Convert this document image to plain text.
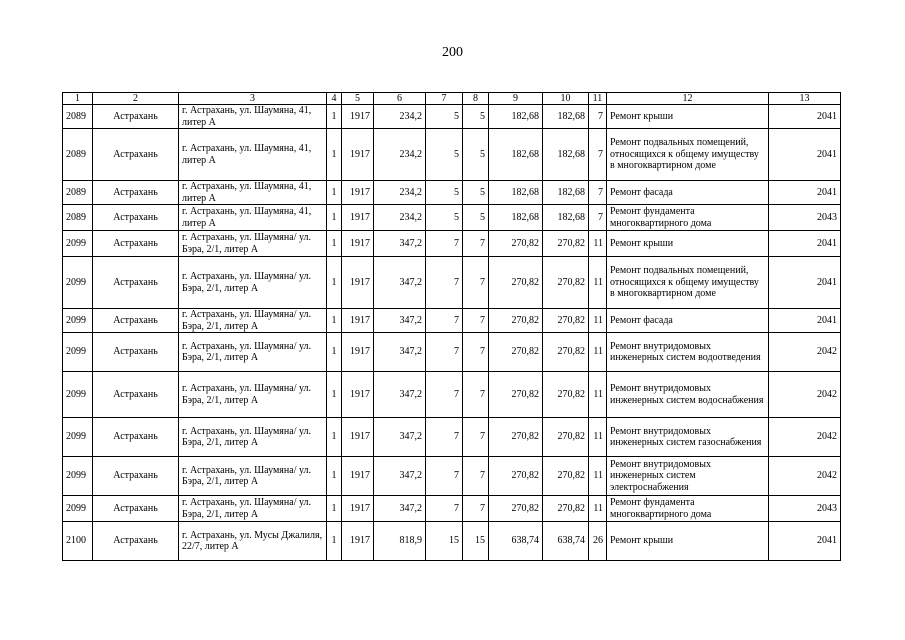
200
1	2	3	4	5	6	7	8	9	10	11	12	13
2089	Астрахань	г. Астрахань, ул. Шаумяна, 41, литер А	1	1917	234,2	5	5	182,68	182,68	7	Ремонт крыши	2041
2089	Астрахань	г. Астрахань, ул. Шаумяна, 41, литер А	1	1917	234,2	5	5	182,68	182,68	7	Ремонт подвальных помещений, относящихся к общему имуществу в многоквартирном доме	2041
2089	Астрахань	г. Астрахань, ул. Шаумяна, 41, литер А	1	1917	234,2	5	5	182,68	182,68	7	Ремонт фасада	2041
2089	Астрахань	г. Астрахань, ул. Шаумяна, 41, литер А	1	1917	234,2	5	5	182,68	182,68	7	Ремонт фундамента многоквартирного дома	2043
2099	Астрахань	г. Астрахань, ул. Шаумяна/ ул. Бэра, 2/1, литер А	1	1917	347,2	7	7	270,82	270,82	11	Ремонт крыши	2041
2099	Астрахань	г. Астрахань, ул. Шаумяна/ ул. Бэра, 2/1, литер А	1	1917	347,2	7	7	270,82	270,82	11	Ремонт подвальных помещений, относящихся к общему имуществу в многоквартирном доме	2041
2099	Астрахань	г. Астрахань, ул. Шаумяна/ ул. Бэра, 2/1, литер А	1	1917	347,2	7	7	270,82	270,82	11	Ремонт фасада	2041
2099	Астрахань	г. Астрахань, ул. Шаумяна/ ул. Бэра, 2/1, литер А	1	1917	347,2	7	7	270,82	270,82	11	Ремонт внутридомовых инженерных систем водоотведения	2042
2099	Астрахань	г. Астрахань, ул. Шаумяна/ ул. Бэра, 2/1, литер А	1	1917	347,2	7	7	270,82	270,82	11	Ремонт внутридомовых инженерных систем водоснабжения	2042
2099	Астрахань	г. Астрахань, ул. Шаумяна/ ул. Бэра, 2/1, литер А	1	1917	347,2	7	7	270,82	270,82	11	Ремонт внутридомовых инженерных систем газоснабжения	2042
2099	Астрахань	г. Астрахань, ул. Шаумяна/ ул. Бэра, 2/1, литер А	1	1917	347,2	7	7	270,82	270,82	11	Ремонт внутридомовых инженерных систем электроснабжения	2042
2099	Астрахань	г. Астрахань, ул. Шаумяна/ ул. Бэра, 2/1, литер А	1	1917	347,2	7	7	270,82	270,82	11	Ремонт фундамента многоквартирного дома	2043
2100	Астрахань	г. Астрахань, ул. Мусы Джалиля, 22/7, литер А	1	1917	818,9	15	15	638,74	638,74	26	Ремонт крыши	2041
